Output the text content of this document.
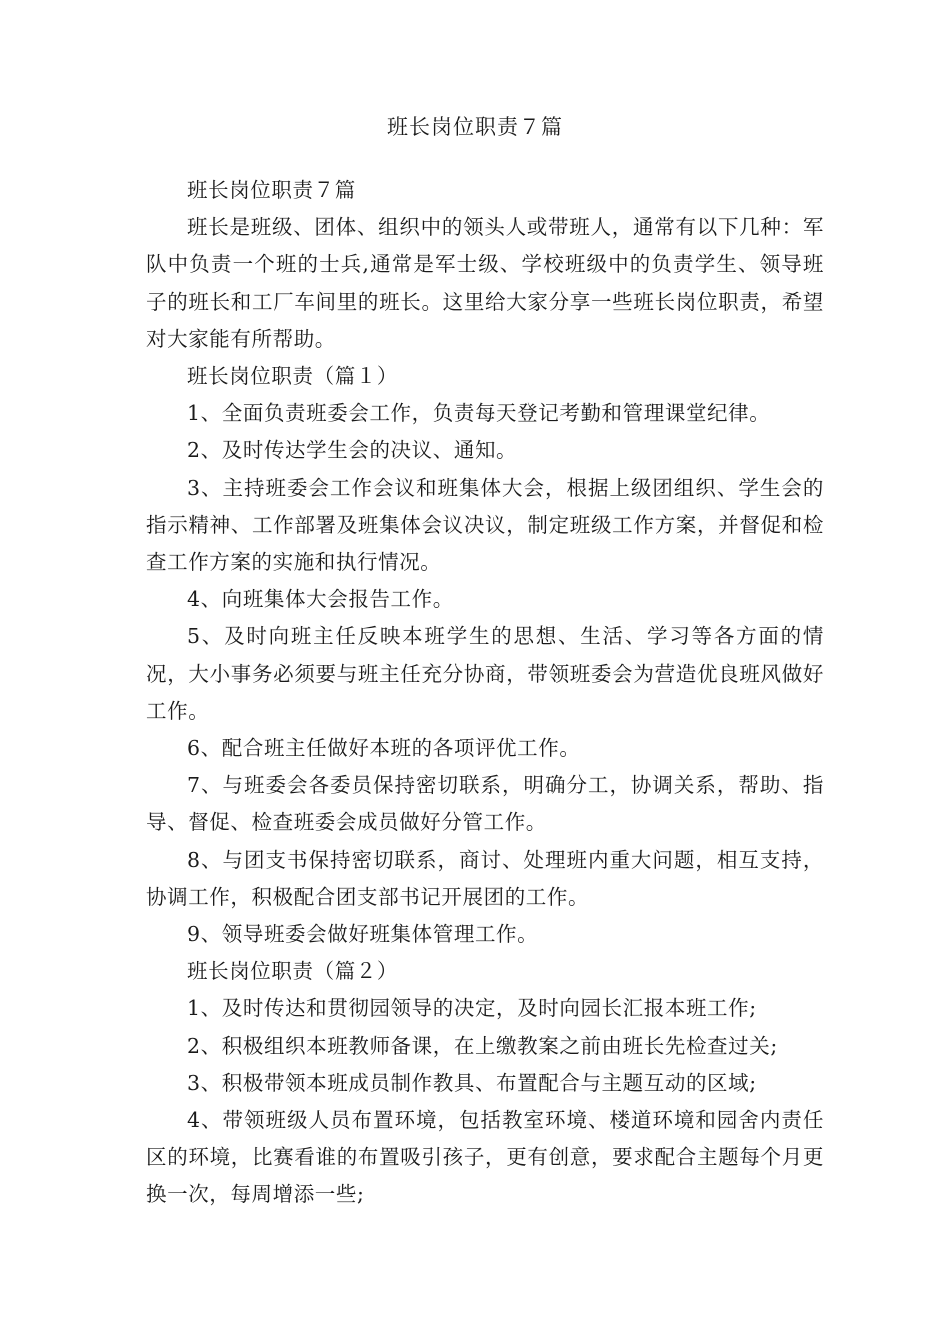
班长岗位职责７篇

班长岗位职责７篇

班长是班级、团体、组织中的领头人或带班人，通常有以下几种：军队中负责一个班的士兵,通常是军士级、学校班级中的负责学生、领导班子的班长和工厂车间里的班长。这里给大家分享一些班长岗位职责，希望对大家能有所帮助。

班长岗位职责（篇１）

1、全面负责班委会工作，负责每天登记考勤和管理课堂纪律。

2、及时传达学生会的决议、通知。

3、主持班委会工作会议和班集体大会，根据上级团组织、学生会的指示精神、工作部署及班集体会议决议，制定班级工作方案，并督促和检查工作方案的实施和执行情况。

4、向班集体大会报告工作。

5、及时向班主任反映本班学生的思想、生活、学习等各方面的情况，大小事务必须要与班主任充分协商，带领班委会为营造优良班风做好工作。

6、配合班主任做好本班的各项评优工作。

7、与班委会各委员保持密切联系，明确分工，协调关系，帮助、指导、督促、检查班委会成员做好分管工作。

8、与团支书保持密切联系，商讨、处理班内重大问题，相互支持，协调工作，积极配合团支部书记开展团的工作。

9、领导班委会做好班集体管理工作。

班长岗位职责（篇２）

1、及时传达和贯彻园领导的决定，及时向园长汇报本班工作;

2、积极组织本班教师备课，在上缴教案之前由班长先检查过关;

3、积极带领本班成员制作教具、布置配合与主题互动的区域;

4、带领班级人员布置环境，包括教室环境、楼道环境和园舍内责任区的环境，比赛看谁的布置吸引孩子，更有创意，要求配合主题每个月更换一次，每周增添一些;
